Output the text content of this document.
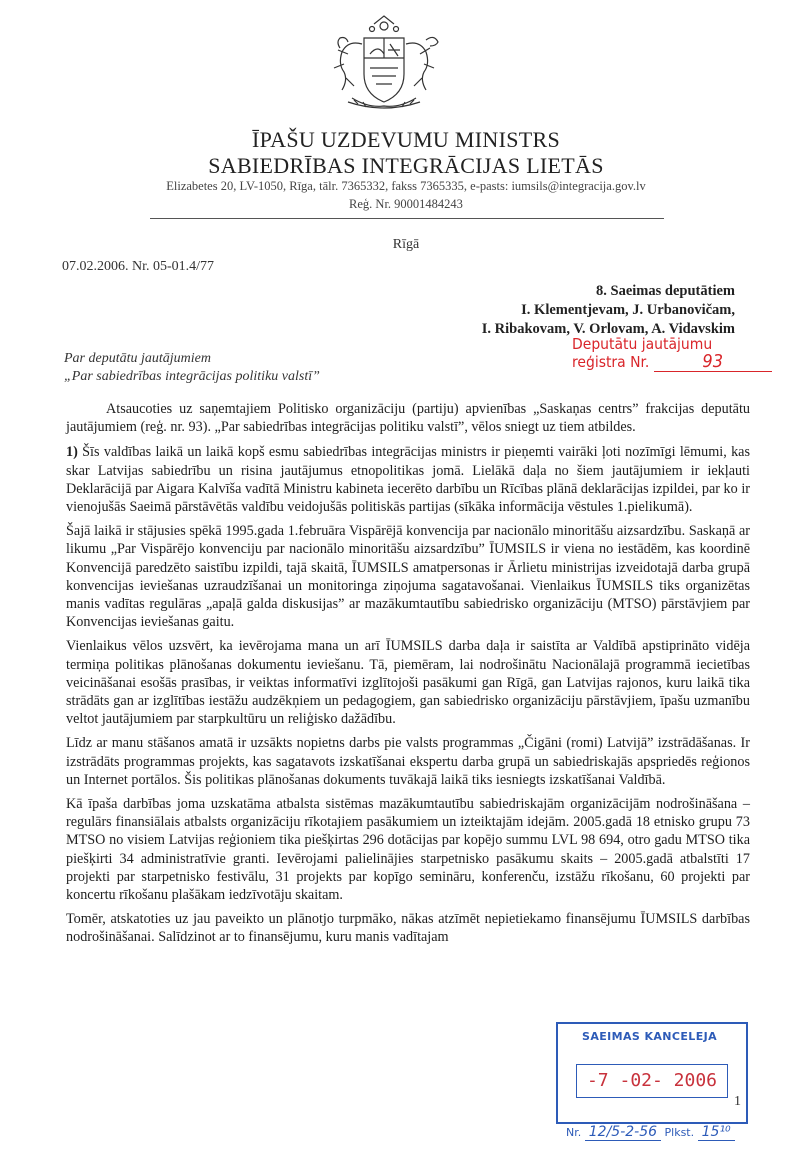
ĪPAŠU UZDEVUMU MINISTRS
SABIEDRĪBAS INTEGRĀCIJAS LIETĀS
Elizabetes 20, LV-1050, Rīga, tālr. 7365332, fakss 7365335, e-pasts: iumsils@integracija.gov.lv
Reģ. Nr. 90001484243
Rīgā
07.02.2006. Nr. 05-01.4/77
8. Saeimas deputātiem
I. Klementjevam, J. Urbanovičam,
I. Ribakovam, V. Orlovam, A. Vidavskim
Deputātu jautājumu
reģistra Nr.	93
Par deputātu jautājumiem
„Par sabiedrības integrācijas politiku valstī”

Atsaucoties uz saņemtajiem Politisko organizāciju (partiju) apvienības „Saskaņas centrs” frakcijas deputātu jautājumiem (reģ. nr. 93). „Par sabiedrības integrācijas politiku valstī”, vēlos sniegt uz tiem atbildes.

1) Šīs valdības laikā un laikā kopš esmu sabiedrības integrācijas ministrs ir pieņemti vairāki ļoti nozīmīgi lēmumi, kas skar Latvijas sabiedrību un risina jautājumus etnopolitikas jomā. Lielākā daļa no šiem jautājumiem ir iekļauti Deklarācijā par Aigara Kalvīša vadītā Ministru kabineta iecerēto darbību un Rīcības plānā deklarācijas izpildei, par ko ir vienojušās Saeimā pārstāvētās valdību veidojušās politiskās partijas (sīkāka informācija vēstules 1.pielikumā).

Šajā laikā ir stājusies spēkā 1995.gada 1.februāra Vispārējā konvencija par nacionālo minoritāšu aizsardzību. Saskaņā ar likumu „Par Vispārējo konvenciju par nacionālo minoritāšu aizsardzību” ĪUMSILS ir viena no iestādēm, kas koordinē Konvencijā paredzēto saistību izpildi, tajā skaitā, ĪUMSILS amatpersonas ir Ārlietu ministrijas izveidotajā darba grupā konvencijas ieviešanas uzraudzīšanai un monitoringa ziņojuma sagatavošanai. Vienlaikus ĪUMSILS tiks organizētas manis vadītas regulāras „apaļā galda diskusijas” ar mazākumtautību sabiedrisko organizāciju (MTSO) pārstāvjiem par Konvencijas ieviešanas gaitu.

Vienlaikus vēlos uzsvērt, ka ievērojama mana un arī ĪUMSILS darba daļa ir saistīta ar Valdībā apstiprināto vidēja termiņa politikas plānošanas dokumentu ieviešanu. Tā, piemēram, lai nodrošinātu Nacionālajā programmā iecietības veicināšanai esošās prasības, ir veiktas informatīvi izglītojoši pasākumi gan Rīgā, gan Latvijas rajonos, kuru laikā tika strādāts gan ar izglītības iestāžu audzēkņiem un pedagogiem, gan sabiedrisko organizāciju pārstāvjiem, īpašu uzmanību veltot jautājumiem par starpkultūru un reliģisko dažādību.

Līdz ar manu stāšanos amatā ir uzsākts nopietns darbs pie valsts programmas „Čigāni (romi) Latvijā” izstrādāšanas. Ir izstrādāts programmas projekts, kas sagatavots izskatīšanai ekspertu darba grupā un sabiedriskajās apspriedēs reģionos un Internet portālos. Šis politikas plānošanas dokuments tuvākajā laikā tiks iesniegts izskatīšanai Valdībā.

Kā īpaša darbības joma uzskatāma atbalsta sistēmas mazākumtautību sabiedriskajām organizācijām nodrošināšana – regulārs finansiālais atbalsts organizāciju rīkotajiem pasākumiem un izteiktajām idejām. 2005.gadā 18 etnisko grupu 73 MTSO no visiem Latvijas reģioniem tika piešķirtas 296 dotācijas par kopējo summu LVL 98 694, otro gadu MTSO tika piešķirti 34 administratīvie granti. Ievērojami palielinājies starpetnisko pasākumu skaits – 2005.gadā atbalstīti 17 projekti par starpetnisko festivālu, 31 projekts par kopīgo semināru, konferenču, izstāžu rīkošanu, 60 projekti par koncertu rīkošanu plašākam iedzīvotāju skaitam.

Tomēr, atskatoties uz jau paveikto un plānotjo turpmāko, nākas atzīmēt nepietiekamo finansējumu ĪUMSILS darbības nodrošināšanai. Salīdzinot ar to finansējumu, kuru manis vadītajam

SAEIMAS KANCELEJA
-7 -02- 2006
Nr. 12/5-2-56 Plkst. 15¹⁰
1
